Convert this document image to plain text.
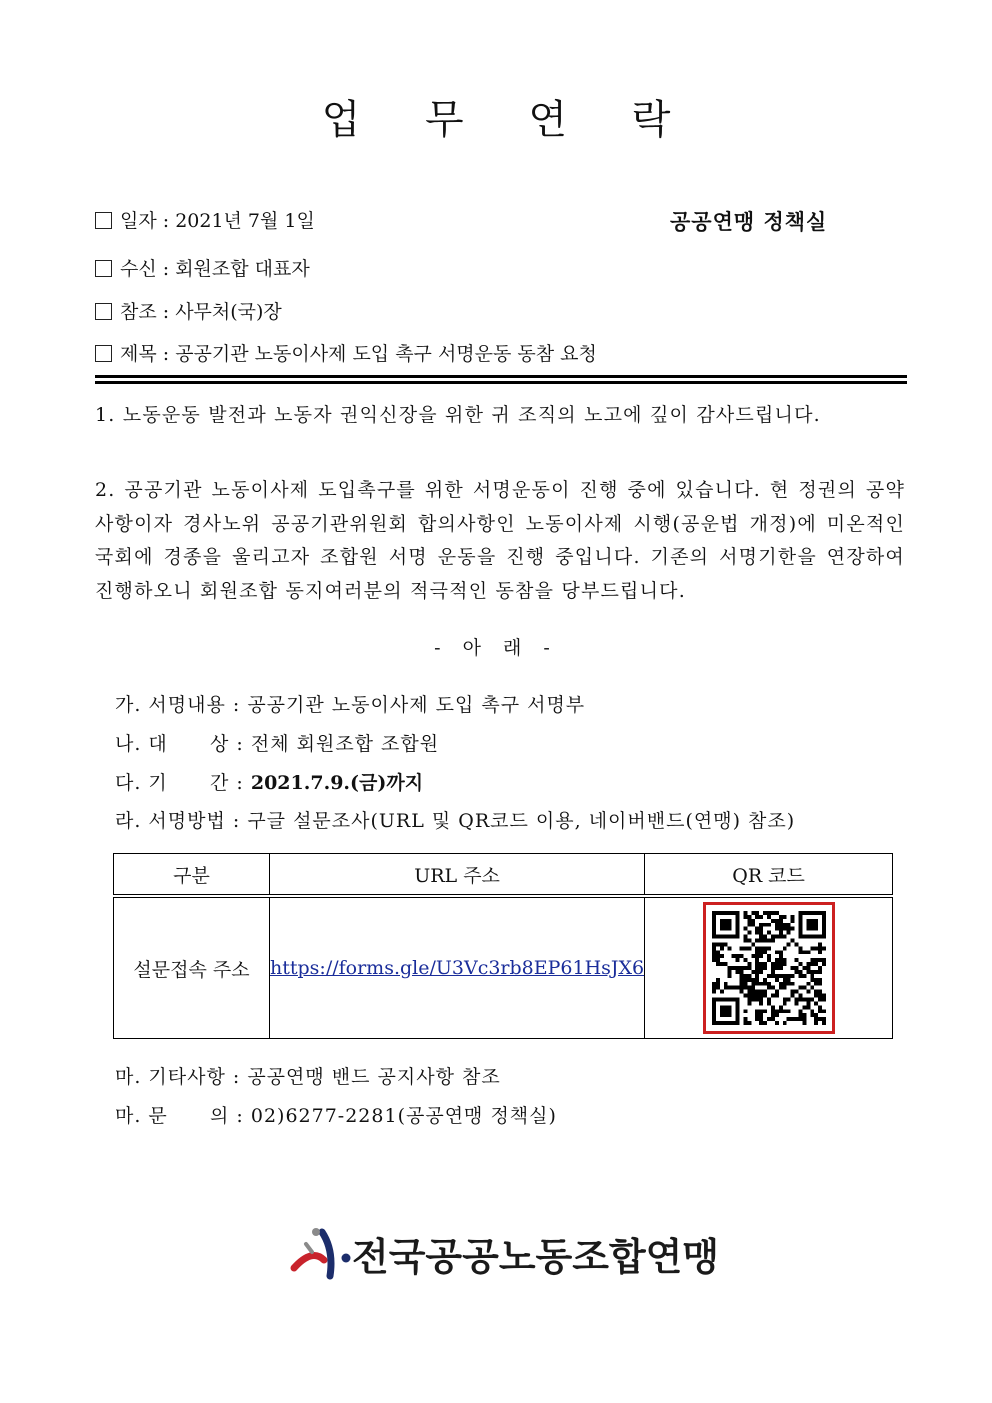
업 무 연 락
일자 : 2021년 7월 1일	공공연맹 정책실
수신 : 회원조합 대표자
참조 : 사무처(국)장
제목 : 공공기관 노동이사제 도입 촉구 서명운동 동참 요청
1. 노동운동 발전과 노동자 권익신장을 위한 귀 조직의 노고에 깊이 감사드립니다.
2. 공공기관 노동이사제 도입촉구를 위한 서명운동이 진행 중에 있습니다. 현 정권의 공약사항이자 경사노위 공공기관위원회 합의사항인 노동이사제 시행(공운법 개정)에 미온적인 국회에 경종을 울리고자 조합원 서명 운동을 진행 중입니다. 기존의 서명기한을 연장하여 진행하오니 회원조합 동지여러분의 적극적인 동참을 당부드립니다.
- 아 래 -
가. 서명내용 : 공공기관 노동이사제 도입 촉구 서명부
나. 대      상 : 전체 회원조합 조합원
다. 기      간 : 2021.7.9.(금)까지
라. 서명방법 : 구글 설문조사(URL 및 QR코드 이용, 네이버밴드(연맹) 참조)
구분	URL 주소	QR 코드
설문접속 주소	https://forms.gle/U3Vc3rb8EP61HsJX6	
마. 기타사항 : 공공연맹 밴드 공지사항 참조
마. 문      의 : 02)6277-2281(공공연맹 정책실)
전국공공노동조합연맹
